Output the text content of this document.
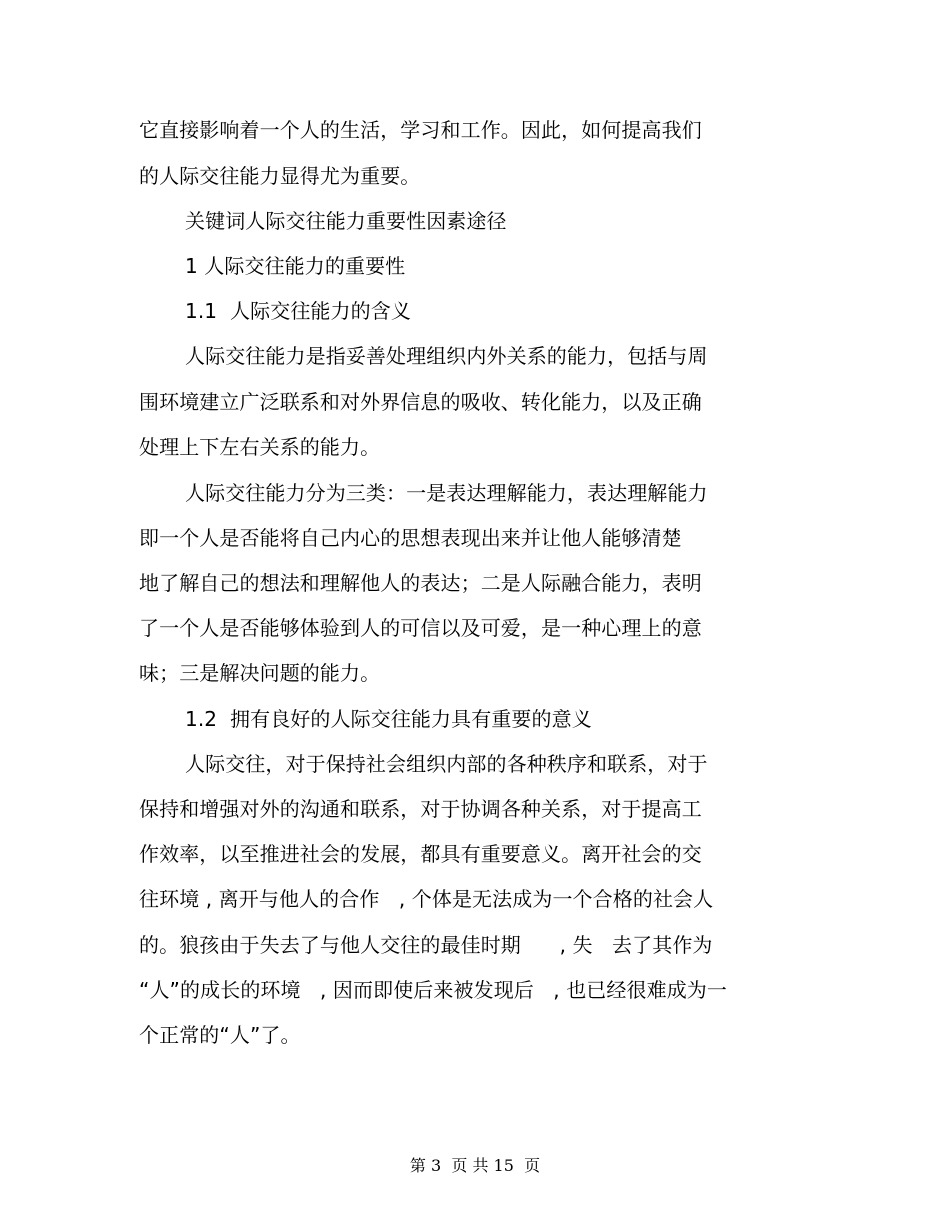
它直接影响着一个人的生活，学习和工作。因此，如何提高我们
的人际交往能力显得尤为重要。
关键词人际交往能力重要性因素途径
1 人际交往能力的重要性
1.1  人际交往能力的含义
人际交往能力是指妥善处理组织内外关系的能力，包括与周
围环境建立广泛联系和对外界信息的吸收、转化能力，以及正确
处理上下左右关系的能力。
人际交往能力分为三类：一是表达理解能力，表达理解能力
即一个人是否能将自己内心的思想表现出来并让他人能够清楚
地了解自己的想法和理解他人的表达；二是人际融合能力，表明
了一个人是否能够体验到人的可信以及可爱，是一种心理上的意
味；三是解决问题的能力。
1.2  拥有良好的人际交往能力具有重要的意义
人际交往，对于保持社会组织内部的各种秩序和联系，对于
保持和增强对外的沟通和联系，对于协调各种关系，对于提高工
作效率，以至推进社会的发展，都具有重要意义。离开社会的交
往环境 , 离开与他人的合作   , 个体是无法成为一个合格的社会人
的。狼孩由于失去了与他人交往的最佳时期      , 失   去了其作为
“人”的成长的环境   , 因而即使后来被发现后   , 也已经很难成为一
个正常的“人”了。
第 3  页 共 15  页
